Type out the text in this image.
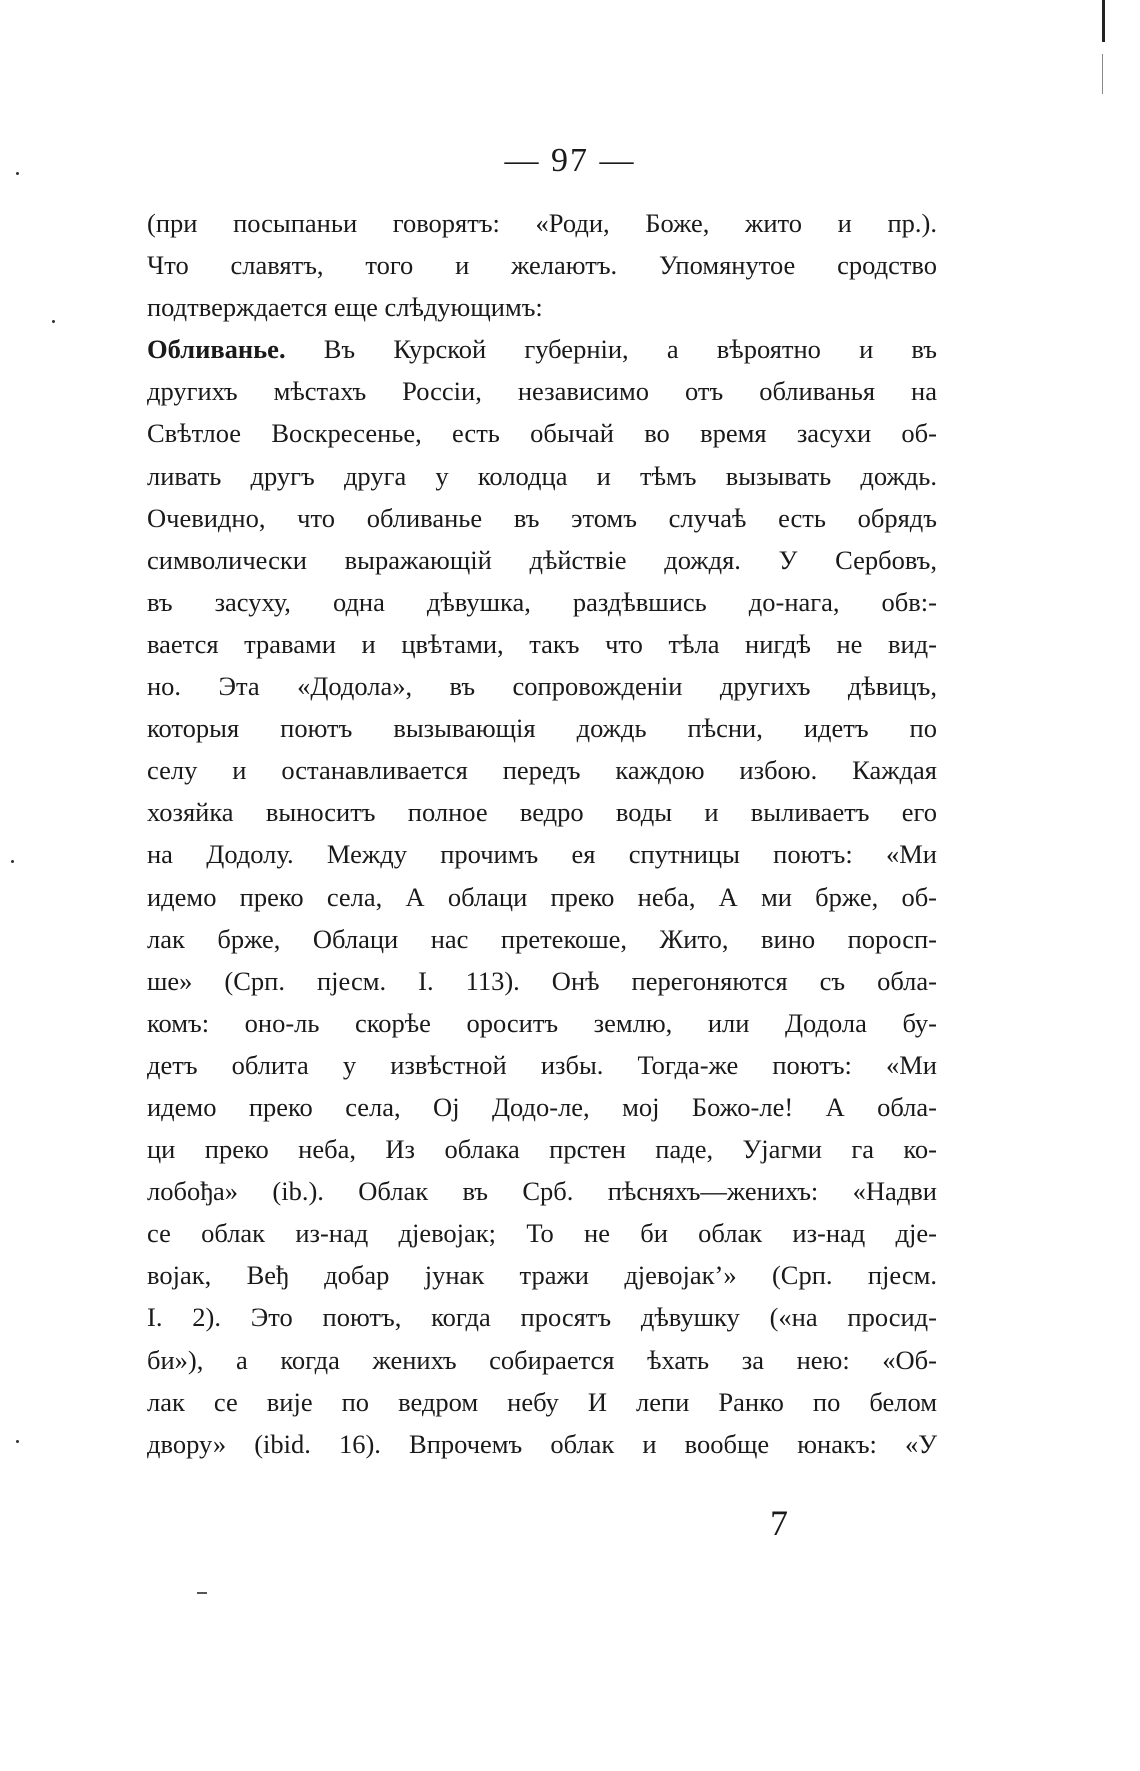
— 97 —
(при посыпаньи говорятъ: «Роди, Боже, жито и пр.).
Что славятъ, того и желаютъ. Упомянутое сродство
подтверждается еще слѣдующимъ:
Обливанье. Въ Курской губерніи, а вѣроятно и въ
другихъ мѣстахъ Россіи, независимо отъ обливанья на
Свѣтлое Воскресенье, есть обычай во время засухи об-
ливать другъ друга у колодца и тѣмъ вызывать дождь.
Очевидно, что обливанье въ этомъ случаѣ есть обрядъ
символически выражающій дѣйствіе дождя. У Сербовъ,
въ засуху, одна дѣвушка, раздѣвшись до-нага, обв:-
вается травами и цвѣтами, такъ что тѣла нигдѣ не вид-
но. Эта «Додола», въ сопровожденіи другихъ дѣвицъ,
которыя поютъ вызывающія дождь пѣсни, идетъ по
селу и останавливается передъ каждою избою. Каждая
хозяйка выноситъ полное ведро воды и выливаетъ его
на Додолу. Между прочимъ ея спутницы поютъ: «Ми
идемо преко села, А облаци преко неба, А ми брже, об-
лак брже, Облаци нас претекоше, Жито, вино поросп-
ше» (Срп. пјесм. I. 113). Онѣ перегоняются съ обла-
комъ: оно-ль скорѣе ороситъ землю, или Додола бу-
детъ облита у извѣстной избы. Тогда-же поютъ: «Ми
идемо преко села, Oj Додо-ле, мој Божо-ле! А обла-
ци преко неба, Из облака прстен паде, Ујагми га ко-
лобођа» (ib.). Облак въ Срб. пѣсняхъ—женихъ: «Надви
се облак из-над дјевојак; То не би облак из-над дје-
војак, Веђ добар јунак тражи дјевојак’» (Срп. пјесм.
I. 2). Это поютъ, когда просятъ дѣвушку («на просид-
би»), а когда женихъ собирается ѣхать за нею: «Об-
лак се вије по ведром небу И лепи Ранко по белом
двору» (ibid. 16). Впрочемъ облак и вообще юнакъ: «У
7
